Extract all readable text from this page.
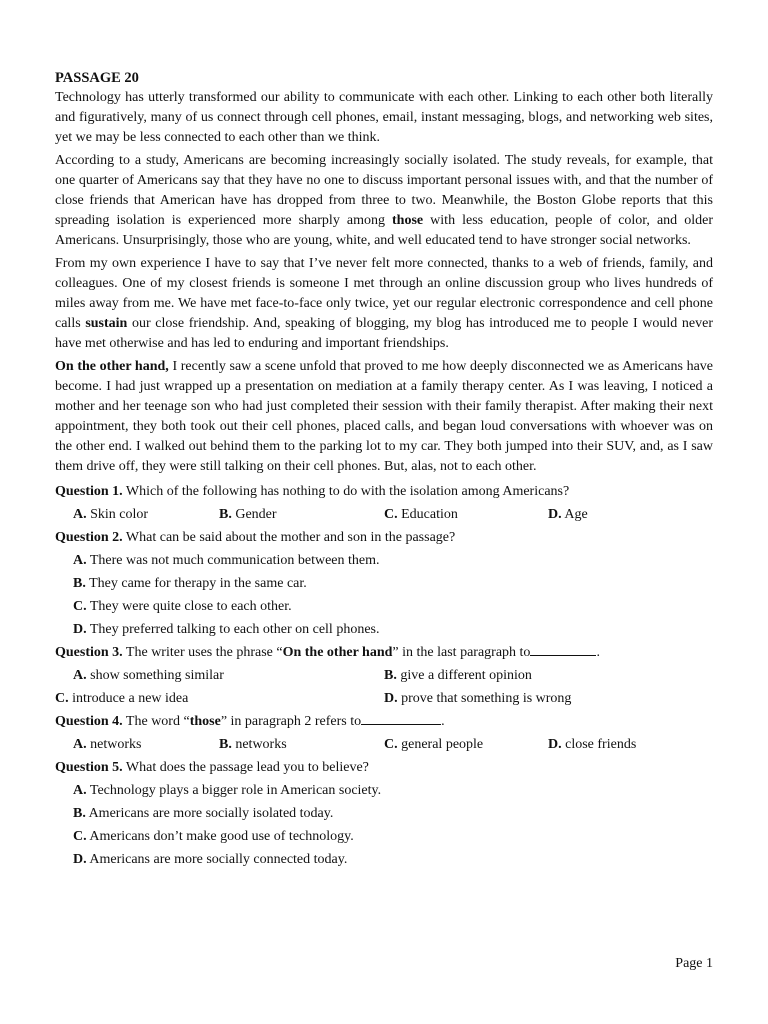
PASSAGE 20

Technology has utterly transformed our ability to communicate with each other. Linking to each other both literally and figuratively, many of us connect through cell phones, email, instant messaging, blogs, and networking web sites, yet we may be less connected to each other than we think.

According to a study, Americans are becoming increasingly socially isolated. The study reveals, for example, that one quarter of Americans say that they have no one to discuss important personal issues with, and that the number of close friends that American have has dropped from three to two. Meanwhile, the Boston Globe reports that this spreading isolation is experienced more sharply among those with less education, people of color, and older Americans. Unsurprisingly, those who are young, white, and well educated tend to have stronger social networks.

From my own experience I have to say that I’ve never felt more connected, thanks to a web of friends, family, and colleagues. One of my closest friends is someone I met through an online discussion group who lives hundreds of miles away from me. We have met face-to-face only twice, yet our regular electronic correspondence and cell phone calls sustain our close friendship. And, speaking of blogging, my blog has introduced me to people I would never have met otherwise and has led to enduring and important friendships.

On the other hand, I recently saw a scene unfold that proved to me how deeply disconnected we as Americans have become. I had just wrapped up a presentation on mediation at a family therapy center. As I was leaving, I noticed a mother and her teenage son who had just completed their session with their family therapist. After making their next appointment, they both took out their cell phones, placed calls, and began loud conversations with whoever was on the other end. I walked out behind them to the parking lot to my car. They both jumped into their SUV, and, as I saw them drive off, they were still talking on their cell phones. But, alas, not to each other.

Question 1. Which of the following has nothing to do with the isolation among Americans?
A. Skin color	B. Gender	C. Education	D. Age
Question 2. What can be said about the mother and son in the passage?
A. There was not much communication between them.
B. They came for therapy in the same car.
C. They were quite close to each other.
D. They preferred talking to each other on cell phones.
Question 3. The writer uses the phrase “On the other hand” in the last paragraph to	.
A. show something similar	B. give a different opinion
C. introduce a new idea	D. prove that something is wrong
Question 4. The word “those” in paragraph 2 refers to	.
A. networks	B. networks	C. general people	D. close friends
Question 5. What does the passage lead you to believe?
A. Technology plays a bigger role in American society.
B. Americans are more socially isolated today.
C. Americans don’t make good use of technology.
D. Americans are more socially connected today.
Page 1
